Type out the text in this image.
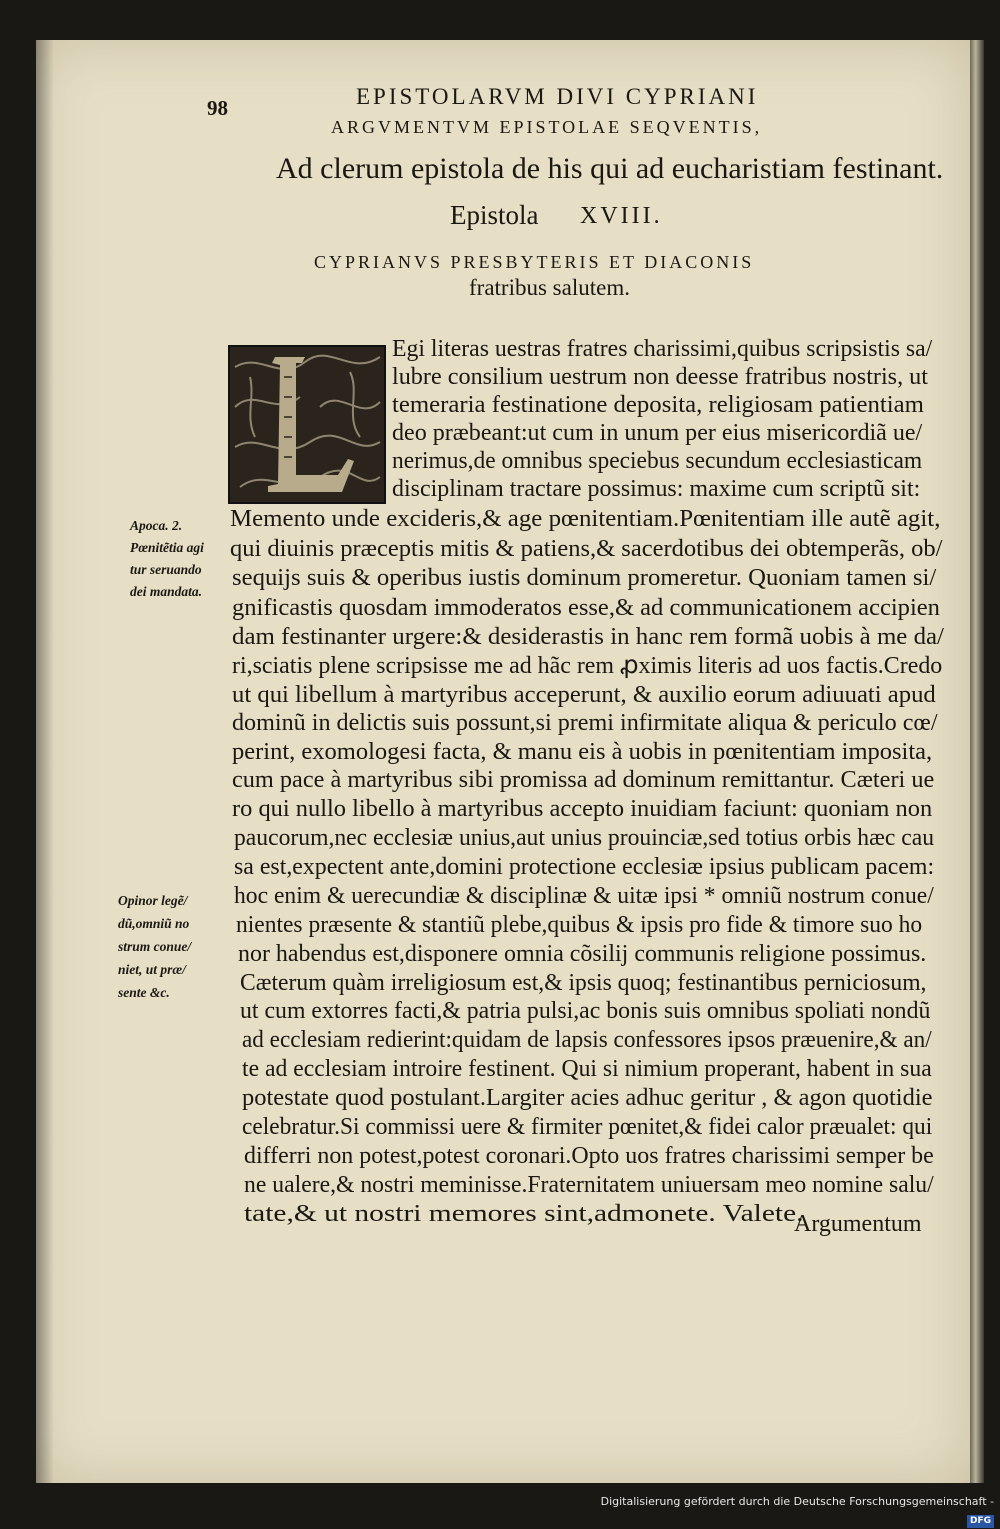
98	EPISTOLARVM DIVI CYPRIANI
ARGVMENTVM EPISTOLAE SEQVENTIS,
Ad clerum epistola de his qui ad eucharistiam festinant.
Epistola XVIII.
CYPRIANVS PRESBYTERIS ET DIACONIS
fratribus salutem.
Egi literas uestras fratres charissimi,quibus scripsistis sa/
lubre consilium uestrum non deesse fratribus nostris, ut
temeraria festinatione deposita, religiosam patientiam
deo præbeant:ut cum in unum per eius misericordiã ue/
nerimus,de omnibus speciebus secundum ecclesiasticam
disciplinam tractare possimus: maxime cum scriptũ sit:
Memento unde excideris,& age pœnitentiam.Pœnitentiam ille autẽ agit,
qui diuinis præceptis mitis & patiens,& sacerdotibus dei obtemperãs, ob/
sequijs suis & operibus iustis dominum promeretur. Quoniam tamen si/
gnificastis quosdam immoderatos esse,& ad communicationem accipien
dam festinanter urgere:& desiderastis in hanc rem formã uobis à me da/
ri,sciatis plene scripsisse me ad hãc rem ꝓximis literis ad uos factis.Credo
ut qui libellum à martyribus acceperunt, & auxilio eorum adiuuati apud
dominũ in delictis suis possunt,si premi infirmitate aliqua & periculo cœ/
perint, exomologesi facta, & manu eis à uobis in pœnitentiam imposita,
cum pace à martyribus sibi promissa ad dominum remittantur. Cæteri ue
ro qui nullo libello à martyribus accepto inuidiam faciunt: quoniam non
paucorum,nec ecclesiæ unius,aut unius prouinciæ,sed totius orbis hæc cau
sa est,expectent ante,domini protectione ecclesiæ ipsius publicam pacem:
hoc enim & uerecundiæ & disciplinæ & uitæ ipsi * omniũ nostrum conue/
nientes præsente & stantiũ plebe,quibus & ipsis pro fide & timore suo ho
nor habendus est,disponere omnia cõsilij communis religione possimus.
Cæterum quàm irreligiosum est,& ipsis quoq; festinantibus perniciosum,
ut cum extorres facti,& patria pulsi,ac bonis suis omnibus spoliati nondũ
ad ecclesiam redierint:quidam de lapsis confessores ipsos præuenire,& an/
te ad ecclesiam introire festinent. Qui si nimium properant, habent in sua
potestate quod postulant.Largiter acies adhuc geritur , & agon quotidie
celebratur.Si commissi uere & firmiter pœnitet,& fidei calor præualet: qui
differri non potest,potest coronari.Opto uos fratres charissimi semper be
ne ualere,& nostri meminisse.Fraternitatem uniuersam meo nomine salu/
tate,& ut nostri memores sint,admonete. Valete.
Apoca. 2.
Pœnitẽtia agi
tur seruando
dei mandata.
Opinor legẽ/
dũ,omniũ no
strum conue/
niet, ut præ/
sente &c.
Argumentum
Digitalisierung gefördert durch die Deutsche Forschungsgemeinschaft -DFG
